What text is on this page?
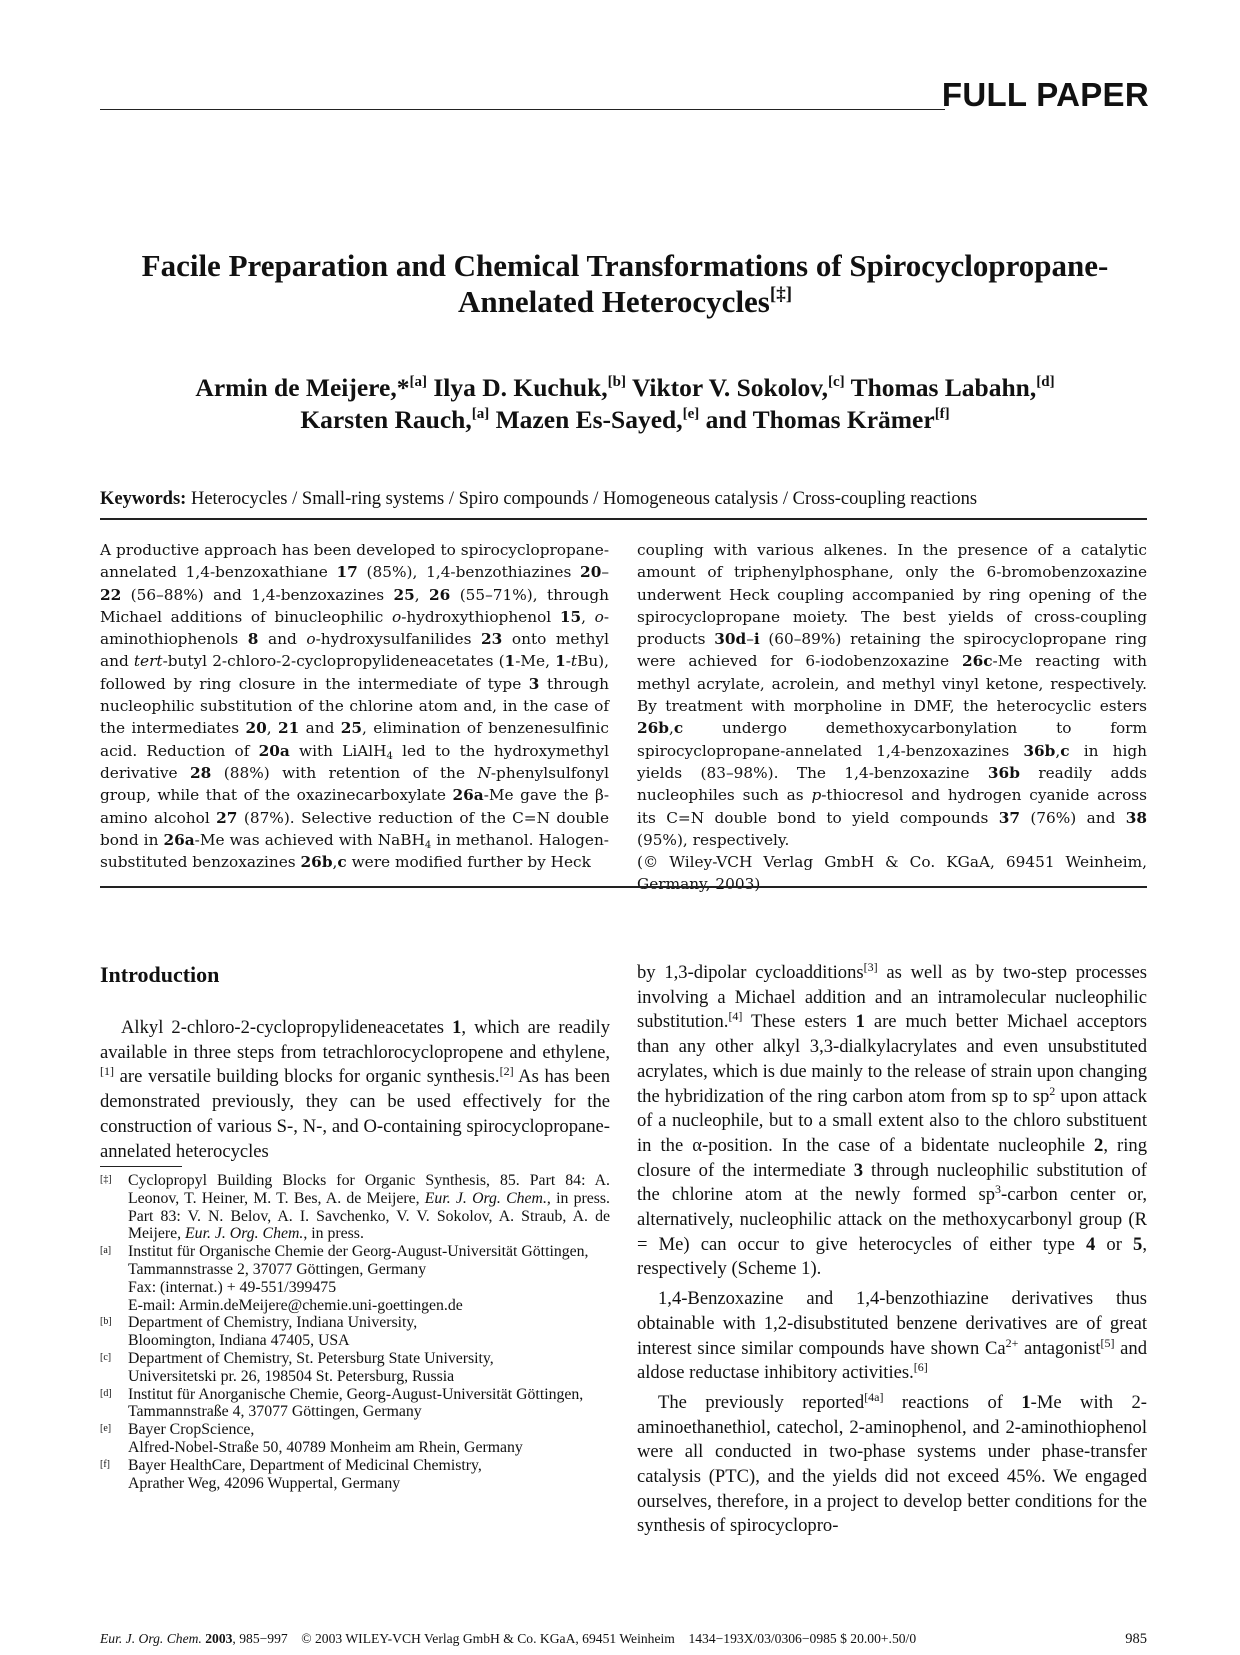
FULL PAPER
Facile Preparation and Chemical Transformations of Spirocyclopropane-
Annelated Heterocycles[‡]
Armin de Meijere,*[a] Ilya D. Kuchuk,[b] Viktor V. Sokolov,[c] Thomas Labahn,[d]
Karsten Rauch,[a] Mazen Es-Sayed,[e] and Thomas Krämer[f]
Keywords: Heterocycles / Small-ring systems / Spiro compounds / Homogeneous catalysis / Cross-coupling reactions

A productive approach has been developed to spirocyclopropane-annelated 1,4-benzoxathiane 17 (85%), 1,4-benzothiazines 20–22 (56–88%) and 1,4-benzoxazines 25, 26 (55–71%), through Michael additions of binucleophilic o-hydroxythiophenol 15, o-aminothiophenols 8 and o-hydroxysulfanilides 23 onto methyl and tert-butyl 2-chloro-2-cyclopropylideneacetates (1-Me, 1-tBu), followed by ring closure in the intermediate of type 3 through nucleophilic substitution of the chlorine atom and, in the case of the intermediates 20, 21 and 25, elimination of benzenesulfinic acid. Reduction of 20a with LiAlH$_4$ led to the hydroxymethyl derivative 28 (88%) with retention of the N-phenylsulfonyl group, while that of the oxazinecarboxylate 26a-Me gave the β-amino alcohol 27 (87%). Selective reduction of the C=N double bond in 26a-Me was achieved with NaBH$_4$ in methanol. Halogen-substituted benzoxazines 26b,c were modified further by Heck

coupling with various alkenes. In the presence of a catalytic amount of triphenylphosphane, only the 6-bromobenzoxazine underwent Heck coupling accompanied by ring opening of the spirocyclopropane moiety. The best yields of cross-coupling products 30d–i (60–89%) retaining the spirocyclopropane ring were achieved for 6-iodobenzoxazine 26c-Me reacting with methyl acrylate, acrolein, and methyl vinyl ketone, respectively. By treatment with morpholine in DMF, the heterocyclic esters 26b,c undergo demethoxycarbonylation to form spirocyclopropane-annelated 1,4-benzoxazines 36b,c in high yields (83–98%). The 1,4-benzoxazine 36b readily adds nucleophiles such as p-thiocresol and hydrogen cyanide across its C=N double bond to yield compounds 37 (76%) and 38 (95%), respectively.

(© Wiley-VCH Verlag GmbH & Co. KGaA, 69451 Weinheim, Germany, 2003)

Introduction

Alkyl 2-chloro-2-cyclopropylideneacetates 1, which are readily available in three steps from tetrachlorocyclopropene and ethylene,[1] are versatile building blocks for organic synthesis.[2] As has been demonstrated previously, they can be used effectively for the construction of various S-, N-, and O-containing spirocyclopropane-annelated heterocycles

[‡]	Cyclopropyl Building Blocks for Organic Synthesis, 85. Part 84: A. Leonov, T. Heiner, M. T. Bes, A. de Meijere, Eur. J. Org. Chem., in press. Part 83: V. N. Belov, A. I. Savchenko, V. V. Sokolov, A. Straub, A. de Meijere, Eur. J. Org. Chem., in press.
[a]	Institut für Organische Chemie der Georg-August-Universität Göttingen,
Tammannstrasse 2, 37077 Göttingen, Germany
Fax: (internat.) + 49-551/399475
E-mail: Armin.deMeijere@chemie.uni-goettingen.de
[b]	Department of Chemistry, Indiana University,
Bloomington, Indiana 47405, USA
[c]	Department of Chemistry, St. Petersburg State University,
Universitetski pr. 26, 198504 St. Petersburg, Russia
[d]	Institut für Anorganische Chemie, Georg-August-Universität Göttingen,
Tammannstraße 4, 37077 Göttingen, Germany
[e]	Bayer CropScience,
Alfred-Nobel-Straße 50, 40789 Monheim am Rhein, Germany
[f]	Bayer HealthCare, Department of Medicinal Chemistry,
Aprather Weg, 42096 Wuppertal, Germany

by 1,3-dipolar cycloadditions[3] as well as by two-step processes involving a Michael addition and an intramolecular nucleophilic substitution.[4] These esters 1 are much better Michael acceptors than any other alkyl 3,3-dialkylacrylates and even unsubstituted acrylates, which is due mainly to the release of strain upon changing the hybridization of the ring carbon atom from sp to $sp^2$ upon attack of a nucleophile, but to a small extent also to the chloro substituent in the α-position. In the case of a bidentate nucleophile 2, ring closure of the intermediate 3 through nucleophilic substitution of the chlorine atom at the newly formed $sp^3$-carbon center or, alternatively, nucleophilic attack on the methoxycarbonyl group (R = Me) can occur to give heterocycles of either type 4 or 5, respectively (Scheme 1).

1,4-Benzoxazine and 1,4-benzothiazine derivatives thus obtainable with 1,2-disubstituted benzene derivatives are of great interest since similar compounds have shown $Ca^{2+}$ antagonist[5] and aldose reductase inhibitory activities.[6]

The previously reported[4a] reactions of 1-Me with 2-aminoethanethiol, catechol, 2-aminophenol, and 2-aminothiophenol were all conducted in two-phase systems under phase-transfer catalysis (PTC), and the yields did not exceed 45%. We engaged ourselves, therefore, in a project to develop better conditions for the synthesis of spirocyclopro-

Eur. J. Org. Chem. 2003, 985−997 © 2003 WILEY-VCH Verlag GmbH & Co. KGaA, 69451 Weinheim 1434−193X/03/0306−0985 $ 20.00+.50/0	985
